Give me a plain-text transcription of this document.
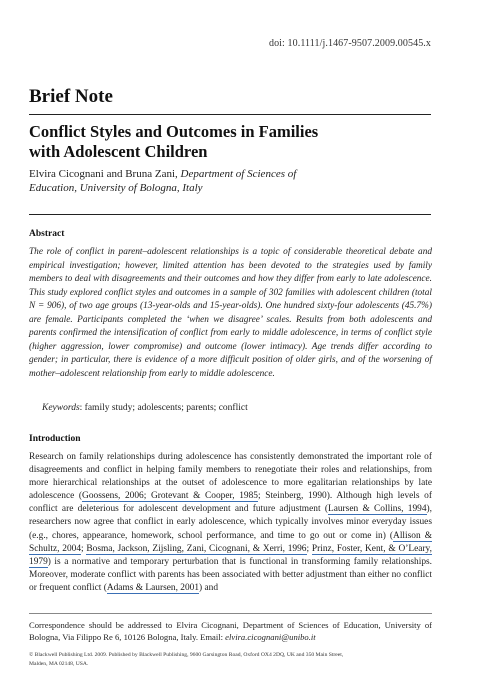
doi: 10.1111/j.1467-9507.2009.00545.x
Brief Note
Conflict Styles and Outcomes in Families
with Adolescent Children
Elvira Cicognani and Bruna Zani, Department of Sciences of
Education, University of Bologna, Italy
Abstract
The role of conflict in parent–adolescent relationships is a topic of considerable theoretical debate and empirical investigation; however, limited attention has been devoted to the strategies used by family members to deal with disagreements and their outcomes and how they differ from early to late adolescence. This study explored conflict styles and outcomes in a sample of 302 families with adolescent children (total N = 906), of two age groups (13-year-olds and 15-year-olds). One hundred sixty-four adolescents (45.7%) are female. Participants completed the ‘when we disagree’ scales. Results from both adolescents and parents confirmed the intensification of conflict from early to middle adolescence, in terms of conflict style (higher aggression, lower compromise) and outcome (lower intimacy). Age trends differ according to gender; in particular, there is evidence of a more difficult position of older girls, and of the worsening of mother–adolescent relationship from early to middle adolescence.
Keywords: family study; adolescents; parents; conflict
Introduction
Research on family relationships during adolescence has consistently demonstrated the important role of disagreements and conflict in helping family members to renegotiate their roles and relationships, from more hierarchical relationships at the outset of adolescence to more egalitarian relationships by late adolescence (Goossens, 2006; Grotevant & Cooper, 1985; Steinberg, 1990). Although high levels of conflict are deleterious for adolescent development and future adjustment (Laursen & Collins, 1994), researchers now agree that conflict in early adolescence, which typically involves minor everyday issues (e.g., chores, appearance, homework, school performance, and time to go out or come in) (Allison & Schultz, 2004; Bosma, Jackson, Zijsling, Zani, Cicognani, & Xerri, 1996; Prinz, Foster, Kent, & O’Leary, 1979) is a normative and temporary perturbation that is functional in transforming family relationships. Moreover, moderate conflict with parents has been associated with better adjustment than either no conflict or frequent conflict (Adams & Laursen, 2001) and
Correspondence should be addressed to Elvira Cicognani, Department of Sciences of Education, University of Bologna, Via Filippo Re 6, 10126 Bologna, Italy. Email: elvira.cicognani@unibo.it
© Blackwell Publishing Ltd. 2009. Published by Blackwell Publishing, 9600 Garsington Road, Oxford OX4 2DQ, UK and 350 Main Street,
Malden, MA 02148, USA.
